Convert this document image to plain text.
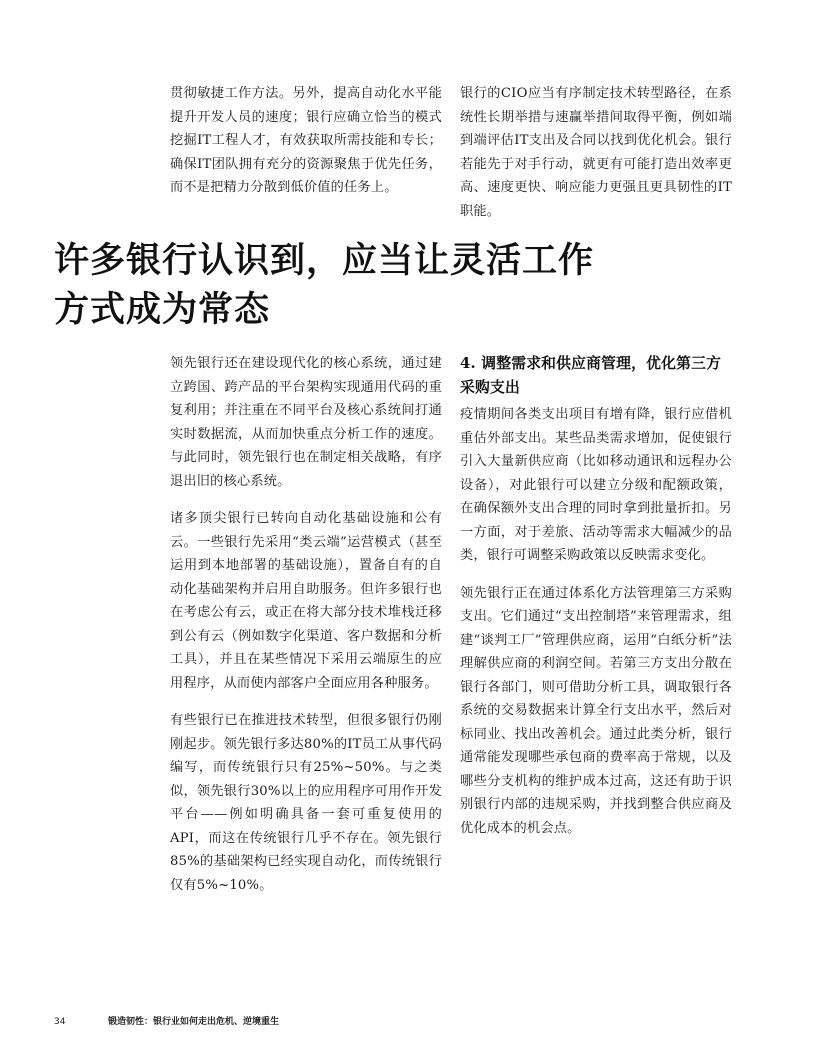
贯彻敏捷工作方法。另外，提高自动化水平能提升开发人员的速度；银行应确立恰当的模式挖掘IT工程人才，有效获取所需技能和专长；确保IT团队拥有充分的资源聚焦于优先任务，而不是把精力分散到低价值的任务上。

银行的CIO应当有序制定技术转型路径，在系统性长期举措与速赢举措间取得平衡，例如端到端评估IT支出及合同以找到优化机会。银行若能先于对手行动，就更有可能打造出效率更高、速度更快、响应能力更强且更具韧性的IT职能。

许多银行认识到，应当让灵活工作
方式成为常态

领先银行还在建设现代化的核心系统，通过建立跨国、跨产品的平台架构实现通用代码的重复利用；并注重在不同平台及核心系统间打通实时数据流，从而加快重点分析工作的速度。与此同时，领先银行也在制定相关战略，有序退出旧的核心系统。

诸多顶尖银行已转向自动化基础设施和公有云。一些银行先采用“类云端”运营模式（甚至运用到本地部署的基础设施），置备自有的自动化基础架构并启用自助服务。但许多银行也在考虑公有云，或正在将大部分技术堆栈迁移到公有云（例如数字化渠道、客户数据和分析工具），并且在某些情况下采用云端原生的应用程序，从而使内部客户全面应用各种服务。

有些银行已在推进技术转型，但很多银行仍刚刚起步。领先银行多达80%的IT员工从事代码编写，而传统银行只有25%~50%。与之类似，领先银行30%以上的应用程序可用作开发平台——例如明确具备一套可重复使用的API，而这在传统银行几乎不存在。领先银行85%的基础架构已经实现自动化，而传统银行仅有5%~10%。

4. 调整需求和供应商管理，优化第三方采购支出

疫情期间各类支出项目有增有降，银行应借机重估外部支出。某些品类需求增加，促使银行引入大量新供应商（比如移动通讯和远程办公设备），对此银行可以建立分级和配额政策，在确保额外支出合理的同时拿到批量折扣。另一方面，对于差旅、活动等需求大幅减少的品类，银行可调整采购政策以反映需求变化。

领先银行正在通过体系化方法管理第三方采购支出。它们通过“支出控制塔”来管理需求，组建“谈判工厂”管理供应商，运用“白纸分析”法理解供应商的利润空间。若第三方支出分散在银行各部门，则可借助分析工具，调取银行各系统的交易数据来计算全行支出水平，然后对标同业、找出改善机会。通过此类分析，银行通常能发现哪些承包商的费率高于常规，以及哪些分支机构的维护成本过高，这还有助于识别银行内部的违规采购，并找到整合供应商及优化成本的机会点。

34	锻造韧性：银行业如何走出危机、逆境重生
